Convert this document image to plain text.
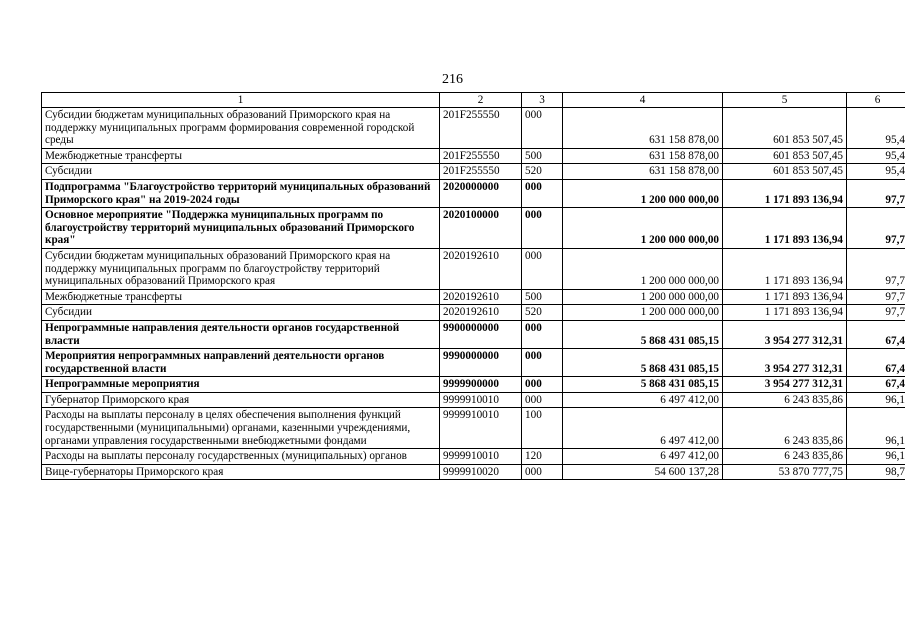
216
1	2	3	4	5	6
Субсидии бюджетам муниципальных образований Приморского края на поддержку муниципальных программ формирования современной городской среды	201F255550	000	631 158 878,00	601 853 507,45	95,4
Межбюджетные трансферты	201F255550	500	631 158 878,00	601 853 507,45	95,4
Субсидии	201F255550	520	631 158 878,00	601 853 507,45	95,4
Подпрограмма "Благоустройство территорий муниципальных образований Приморского края" на 2019-2024 годы	2020000000	000	1 200 000 000,00	1 171 893 136,94	97,7
Основное мероприятие "Поддержка муниципальных программ по благоустройству территорий муниципальных образований Приморского края"	2020100000	000	1 200 000 000,00	1 171 893 136,94	97,7
Субсидии бюджетам муниципальных образований Приморского края на поддержку муниципальных программ по благоустройству территорий муниципальных образований Приморского края	2020192610	000	1 200 000 000,00	1 171 893 136,94	97,7
Межбюджетные трансферты	2020192610	500	1 200 000 000,00	1 171 893 136,94	97,7
Субсидии	2020192610	520	1 200 000 000,00	1 171 893 136,94	97,7
Непрограммные направления деятельности органов государственной власти	9900000000	000	5 868 431 085,15	3 954 277 312,31	67,4
Мероприятия непрограммных направлений деятельности органов государственной власти	9990000000	000	5 868 431 085,15	3 954 277 312,31	67,4
Непрограммные мероприятия	9999900000	000	5 868 431 085,15	3 954 277 312,31	67,4
Губернатор Приморского края	9999910010	000	6 497 412,00	6 243 835,86	96,1
Расходы на выплаты персоналу в целях обеспечения выполнения функций государственными (муниципальными) органами, казенными учреждениями, органами управления государственными внебюджетными фондами	9999910010	100	6 497 412,00	6 243 835,86	96,1
Расходы на выплаты персоналу государственных (муниципальных) органов	9999910010	120	6 497 412,00	6 243 835,86	96,1
Вице-губернаторы Приморского края	9999910020	000	54 600 137,28	53 870 777,75	98,7
